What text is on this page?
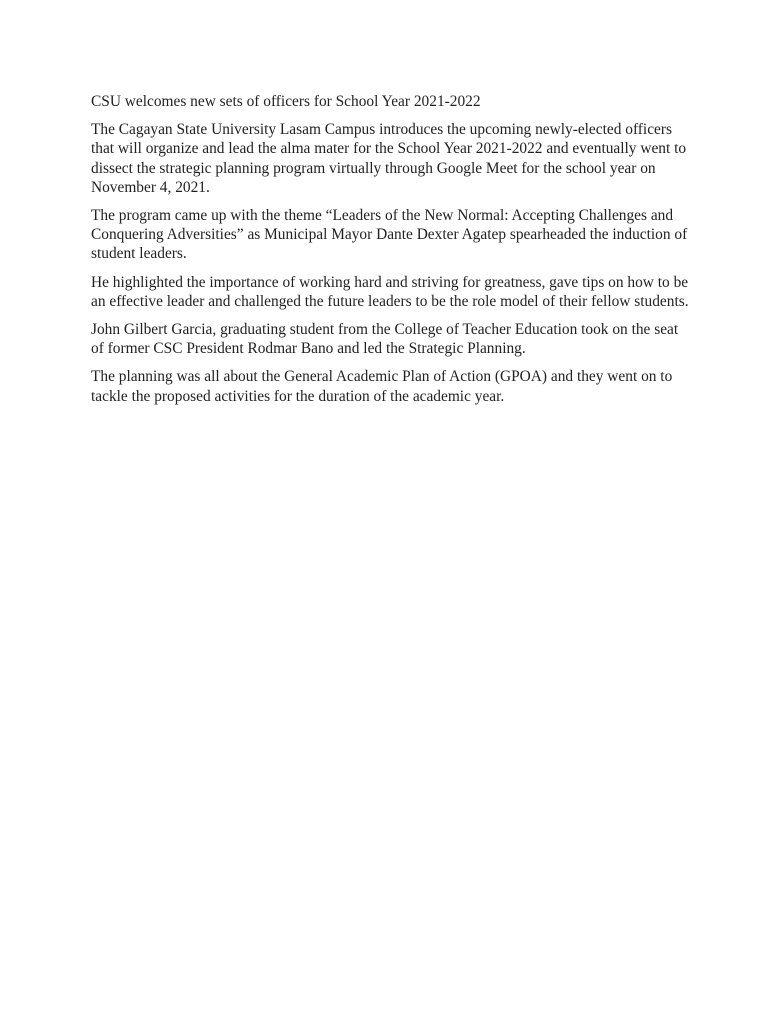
CSU welcomes new sets of officers for School Year 2021-2022

The Cagayan State University Lasam Campus introduces the upcoming newly-elected officers that will organize and lead the alma mater for the School Year 2021-2022 and eventually went to dissect the strategic planning program virtually through Google Meet for the school year on November 4, 2021.

The program came up with the theme “Leaders of the New Normal: Accepting Challenges and Conquering Adversities” as Municipal Mayor Dante Dexter Agatep spearheaded the induction of student leaders.

He highlighted the importance of working hard and striving for greatness, gave tips on how to be an effective leader and challenged the future leaders to be the role model of their fellow students.

John Gilbert Garcia, graduating student from the College of Teacher Education took on the seat of former CSC President Rodmar Bano and led the Strategic Planning.

The planning was all about the General Academic Plan of Action (GPOA) and they went on to tackle the proposed activities for the duration of the academic year.
